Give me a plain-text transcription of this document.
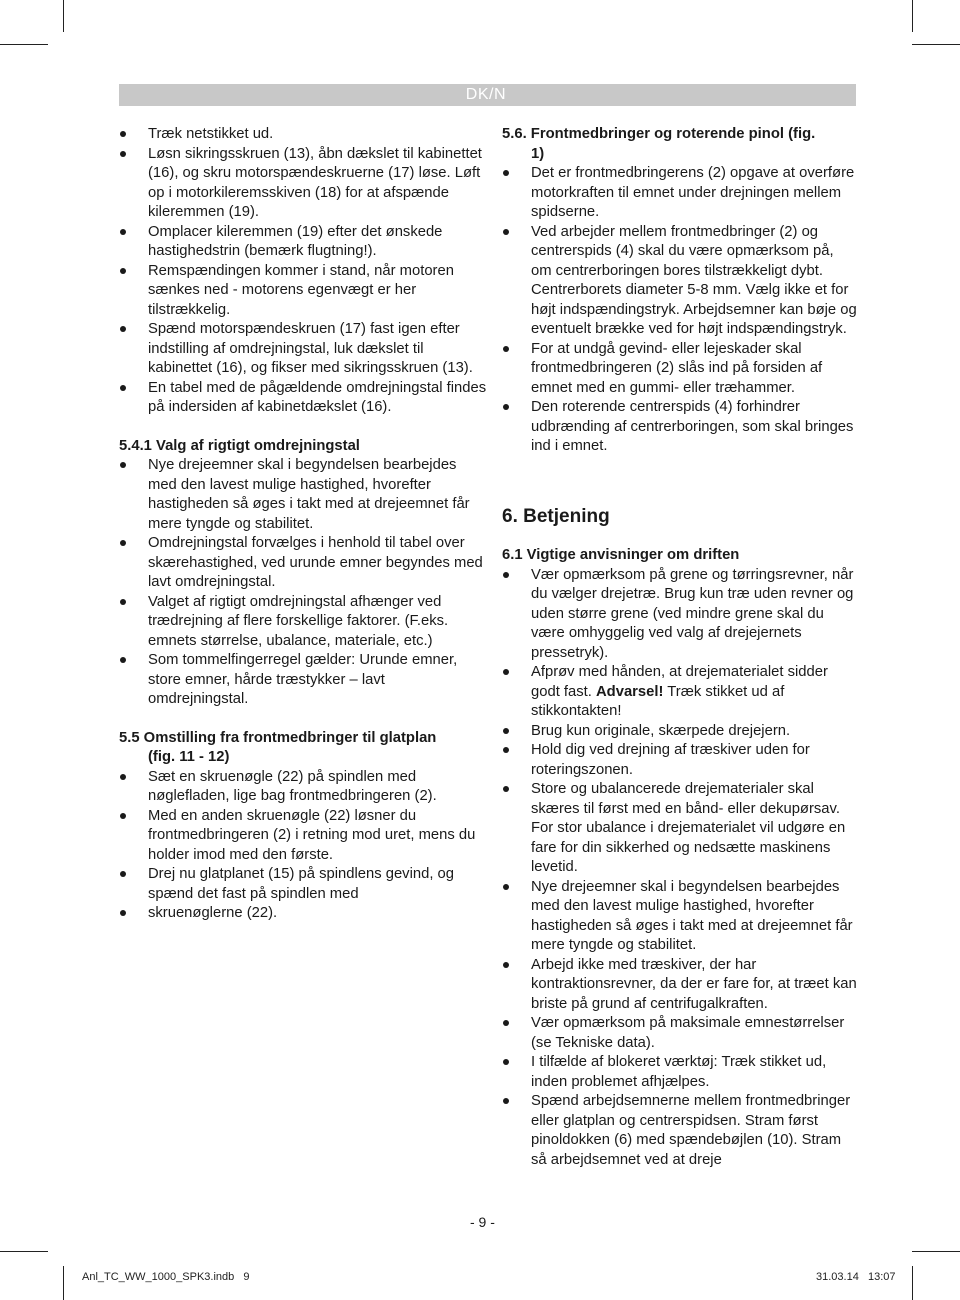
DK/N
Træk netstikket ud.
Løsn sikringsskruen (13), åbn dækslet til kabinettet (16), og skru motorspændeskruerne (17) løse. Løft op i motorkileremsskiven (18) for at afspænde kileremmen (19).
Omplacer kileremmen (19) efter det ønskede hastighedstrin (bemærk flugtning!).
Remspændingen kommer i stand, når motoren sænkes ned - motorens egenvægt er her tilstrækkelig.
Spænd motorspændeskruen (17) fast igen efter indstilling af omdrejningstal, luk dækslet til kabinettet (16), og fikser med sikringsskruen (13).
En tabel med de pågældende omdrejningstal findes på indersiden af kabinetdækslet (16).

5.4.1 Valg af rigtigt omdrejningstal

Nye drejeemner skal i begyndelsen bearbejdes med den lavest mulige hastighed, hvorefter hastigheden så øges i takt med at drejeemnet får mere tyngde og stabilitet.
Omdrejningstal forvælges i henhold til tabel over skærehastighed, ved urunde emner begyndes med lavt omdrejningstal.
Valget af rigtigt omdrejningstal afhænger ved trædrejning af flere forskellige faktorer. (F.eks. emnets størrelse, ubalance, materiale, etc.)
Som tommelfingerregel gælder: Urunde emner, store emner, hårde træstykker – lavt omdrejningstal.

5.5 Omstilling fra frontmedbringer til glatplan

(fig. 11 - 12)

Sæt en skruenøgle (22) på spindlen med nøglefladen, lige bag frontmedbringeren (2).
Med en anden skruenøgle (22) løsner du frontmedbringeren (2) i retning mod uret, mens du holder imod med den første.
Drej nu glatplanet (15) på spindlens gevind, og spænd det fast på spindlen med
skruenøglerne (22).

5.6. Frontmedbringer og roterende pinol (fig.

1)

Det er frontmedbringerens (2) opgave at overføre motorkraften til emnet under drejningen mellem spidserne.
Ved arbejder mellem frontmedbringer (2) og centrerspids (4) skal du være opmærksom på, om centrerboringen bores tilstrækkeligt dybt. Centrerborets diameter 5-8 mm. Vælg ikke et for højt indspændingstryk. Arbejdsemner kan bøje og eventuelt brække ved for højt indspændingstryk.
For at undgå gevind- eller lejeskader skal frontmedbringeren (2) slås ind på forsiden af emnet med en gummi- eller træhammer.
Den roterende centrerspids (4) forhindrer udbrænding af centrerboringen, som skal bringes ind i emnet.

6. Betjening

6.1 Vigtige anvisninger om driften

Vær opmærksom på grene og tørringsrevner, når du vælger drejetræ. Brug kun træ uden revner og uden større grene (ved mindre grene skal du være omhyggelig ved valg af drejejernets pressetryk).
Afprøv med hånden, at drejematerialet sidder godt fast. Advarsel! Træk stikket ud af stikkontakten!
Brug kun originale, skærpede drejejern.
Hold dig ved drejning af træskiver uden for roteringszonen.
Store og ubalancerede drejematerialer skal skæres til først med en bånd- eller dekupørsav. For stor ubalance i drejematerialet vil udgøre en fare for din sikkerhed og nedsætte maskinens levetid.
Nye drejeemner skal i begyndelsen bearbejdes med den lavest mulige hastighed, hvorefter hastigheden så øges i takt med at drejeemnet får mere tyngde og stabilitet.
Arbejd ikke med træskiver, der har kontraktionsrevner, da der er fare for, at træet kan briste på grund af centrifugalkraften.
Vær opmærksom på maksimale emnestørrelser (se Tekniske data).
I tilfælde af blokeret værktøj: Træk stikket ud, inden problemet afhjælpes.
Spænd arbejdsemnerne mellem frontmedbringer eller glatplan og centrerspidsen. Stram først pinoldokken (6) med spændebøjlen (10). Stram så arbejdsemnet ved at dreje
- 9 -
Anl_TC_WW_1000_SPK3.indb   9	31.03.14   13:07
